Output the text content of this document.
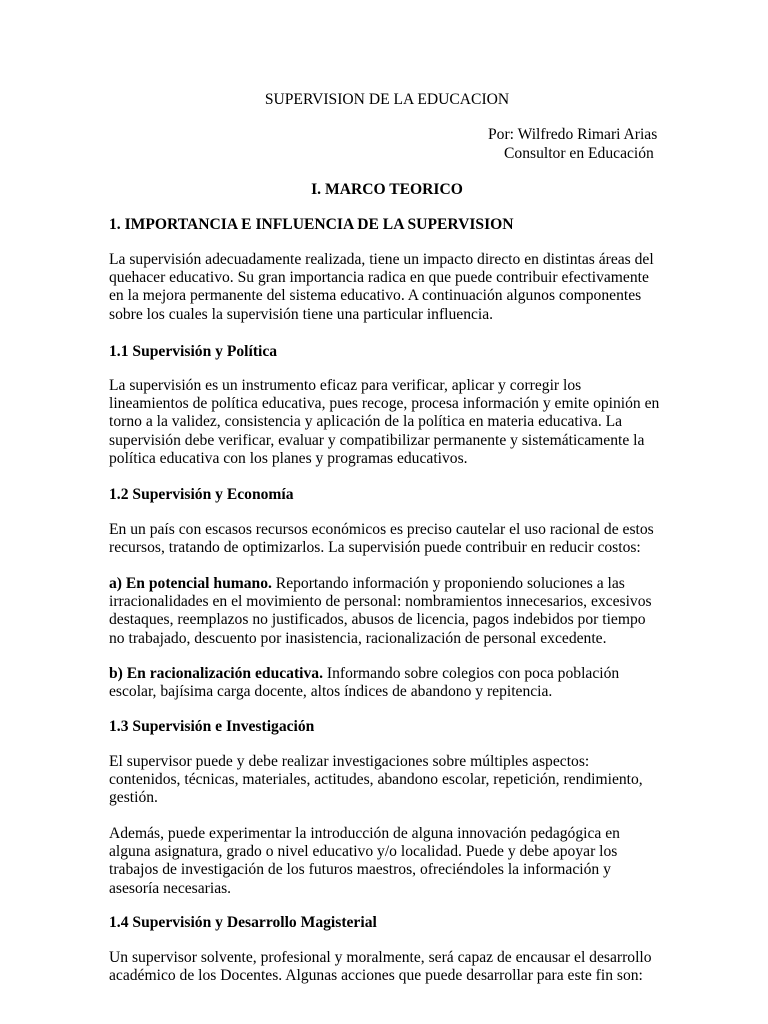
SUPERVISION DE LA EDUCACION
Por: Wilfredo Rimari Arias
Consultor en Educación
I. MARCO TEORICO
1. IMPORTANCIA E INFLUENCIA DE LA SUPERVISION
La supervisión adecuadamente realizada, tiene un impacto directo en distintas áreas del
quehacer educativo. Su gran importancia radica en que puede contribuir efectivamente
en la mejora permanente del sistema educativo. A continuación algunos componentes
sobre los cuales la supervisión tiene una particular influencia.
1.1 Supervisión y Política
La supervisión es un instrumento eficaz para verificar, aplicar y corregir los
lineamientos de política educativa, pues recoge, procesa información y emite opinión en
torno a la validez, consistencia y aplicación de la política en materia educativa. La
supervisión debe verificar, evaluar y compatibilizar permanente y sistemáticamente la
política educativa con los planes y programas educativos.
1.2 Supervisión y Economía
En un país con escasos recursos económicos es preciso cautelar el uso racional de estos
recursos, tratando de optimizarlos. La supervisión puede contribuir en reducir costos:
a) En potencial humano. Reportando información y proponiendo soluciones a las
irracionalidades en el movimiento de personal: nombramientos innecesarios, excesivos
destaques, reemplazos no justificados, abusos de licencia, pagos indebidos por tiempo
no trabajado, descuento por inasistencia, racionalización de personal excedente.
b) En racionalización educativa. Informando sobre colegios con poca población
escolar, bajísima carga docente, altos índices de abandono y repitencia.
1.3 Supervisión e Investigación
El supervisor puede y debe realizar investigaciones sobre múltiples aspectos:
contenidos, técnicas, materiales, actitudes, abandono escolar, repetición, rendimiento,
gestión.
Además, puede experimentar la introducción de alguna innovación pedagógica en
alguna asignatura, grado o nivel educativo y/o localidad. Puede y debe apoyar los
trabajos de investigación de los futuros maestros, ofreciéndoles la información y
asesoría necesarias.
1.4 Supervisión y Desarrollo Magisterial
Un supervisor solvente, profesional y moralmente, será capaz de encausar el desarrollo
académico de los Docentes. Algunas acciones que puede desarrollar para este fin son:
